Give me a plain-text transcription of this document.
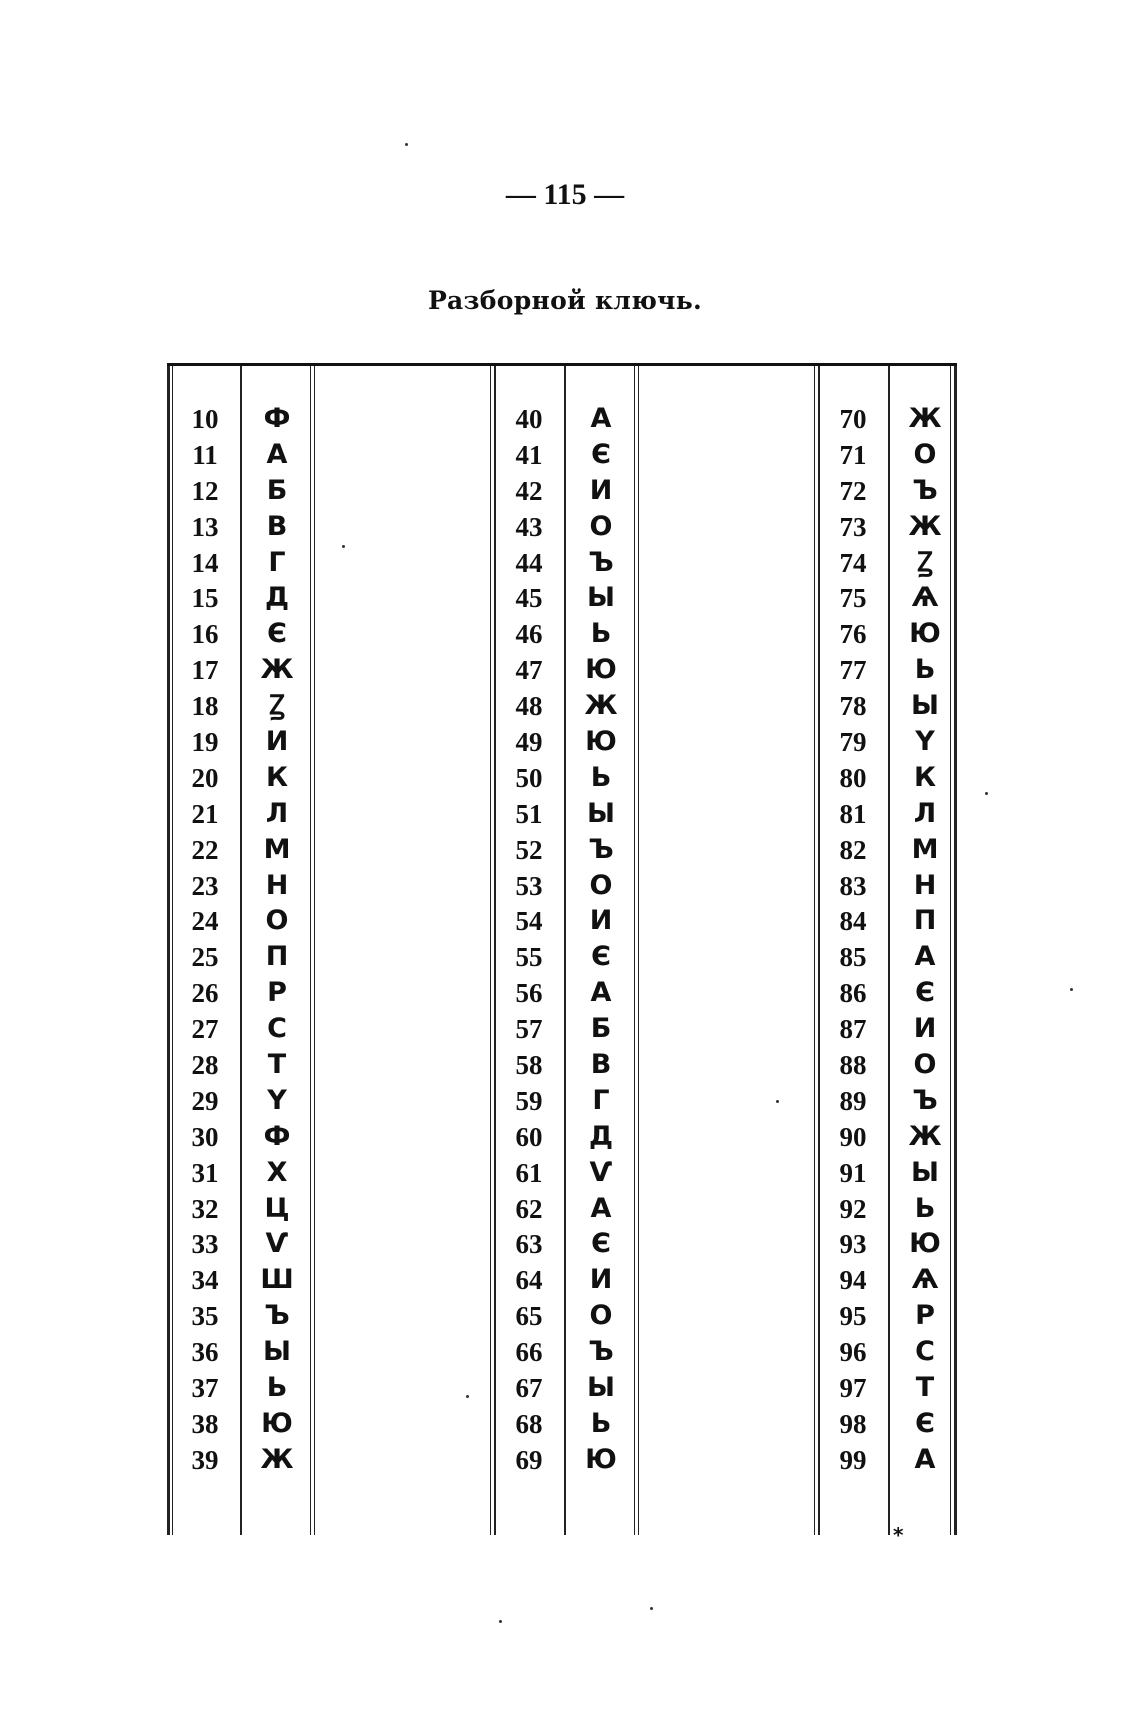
— 115 —
Разборной ключь.
10	Ф
11	А
12	Б
13	В
14	Г
15	Д
16	Є
17	Ж
18	Ꙁ
19	И
20	К
21	Л
22	М
23	Н
24	О
25	П
26	Р
27	С
28	Т
29	Ү
30	Ф
31	Х
32	Ц
33	Ѵ
34	Ш
35	Ъ
36	Ы
37	Ь
38	Ю
39	Ж
40	А
41	Є
42	И
43	О
44	Ъ
45	Ы
46	Ь
47	Ю
48	Ж
49	Ю
50	Ь
51	Ы
52	Ъ
53	О
54	И
55	Є
56	А
57	Б
58	В
59	Г
60	Д
61	Ѵ
62	А
63	Є
64	И
65	О
66	Ъ
67	Ы
68	Ь
69	Ю
70	Ж
71	О
72	Ъ
73	Ж
74	Ꙁ
75	Ѧ
76	Ю
77	Ь
78	Ы
79	Ү
80	К
81	Л
82	М
83	Н
84	П
85	А
86	Є
87	И
88	О
89	Ъ
90	Ж
91	Ы
92	Ь
93	Ю
94	Ѧ
95	Р
96	С
97	Т
98	Є
99	А
*
